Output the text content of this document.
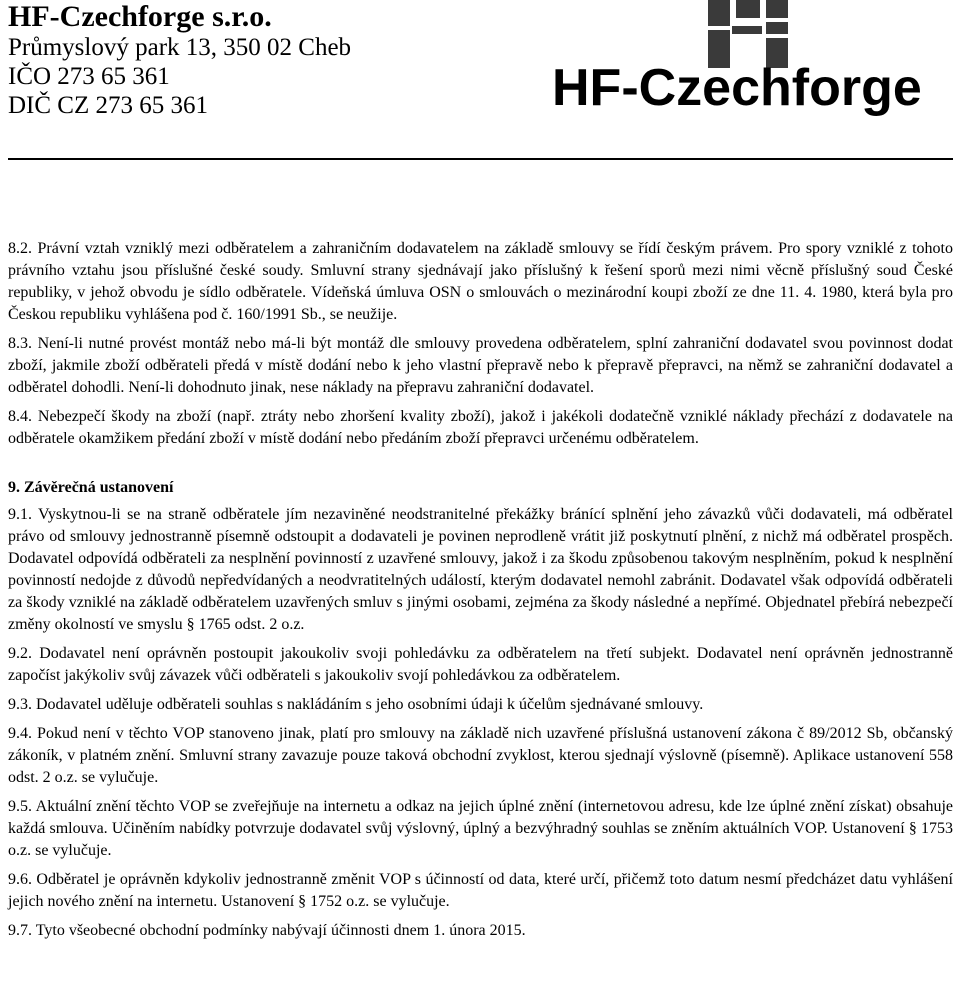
HF-Czechforge s.r.o.

Průmyslový park 13, 350 02 Cheb

IČO 273 65 361

DIČ CZ 273 65 361	HF-Czechforge

8.2. Právní vztah vzniklý mezi odběratelem a zahraničním dodavatelem na základě smlouvy se řídí českým právem. Pro spory vzniklé z tohoto právního vztahu jsou příslušné české soudy. Smluvní strany sjednávají jako příslušný k řešení sporů mezi nimi věcně příslušný soud České republiky, v jehož obvodu je sídlo odběratele. Vídeňská úmluva OSN o smlouvách o mezinárodní koupi zboží ze dne 11. 4. 1980, která byla pro Českou republiku vyhlášena pod č. 160/1991 Sb., se neužije.

8.3. Není-li nutné provést montáž nebo má-li být montáž dle smlouvy provedena odběratelem, splní zahraniční dodavatel svou povinnost dodat zboží, jakmile zboží odběrateli předá v místě dodání nebo k jeho vlastní přepravě nebo k přepravě přepravci, na němž se zahraniční dodavatel a odběratel dohodli. Není-li dohodnuto jinak, nese náklady na přepravu zahraniční dodavatel.

8.4. Nebezpečí škody na zboží (např. ztráty nebo zhoršení kvality zboží), jakož i jakékoli dodatečně vzniklé náklady přechází z dodavatele na odběratele okamžikem předání zboží v místě dodání nebo předáním zboží přepravci určenému odběratelem.

9. Závěrečná ustanovení

9.1. Vyskytnou-li se na straně odběratele jím nezaviněné neodstranitelné překážky bránící splnění jeho závazků vůči dodavateli, má odběratel právo od smlouvy jednostranně písemně odstoupit a dodavateli je povinen neprodleně vrátit již poskytnutí plnění, z nichž má odběratel prospěch. Dodavatel odpovídá odběrateli za nesplnění povinností z uzavřené smlouvy, jakož i za škodu způsobenou takovým nesplněním, pokud k nesplnění povinností nedojde z důvodů nepředvídaných a neodvratitelných událostí, kterým dodavatel nemohl zabránit. Dodavatel však odpovídá odběrateli za škody vzniklé na základě odběratelem uzavřených smluv s jinými osobami, zejména za škody následné a nepřímé. Objednatel přebírá nebezpečí změny okolností ve smyslu § 1765 odst. 2 o.z.

9.2. Dodavatel není oprávněn postoupit jakoukoliv svoji pohledávku za odběratelem na třetí subjekt. Dodavatel není oprávněn jednostranně započíst jakýkoliv svůj závazek vůči odběrateli s jakoukoliv svojí pohledávkou za odběratelem.

9.3. Dodavatel uděluje odběrateli souhlas s nakládáním s jeho osobními údaji k účelům sjednávané smlouvy.

9.4. Pokud není v těchto VOP stanoveno jinak, platí pro smlouvy na základě nich uzavřené příslušná ustanovení zákona č 89/2012 Sb, občanský zákoník, v platném znění. Smluvní strany zavazuje pouze taková obchodní zvyklost, kterou sjednají výslovně (písemně). Aplikace ustanovení 558 odst. 2 o.z. se vylučuje.

9.5. Aktuální znění těchto VOP se zveřejňuje na internetu a odkaz na jejich úplné znění (internetovou adresu, kde lze úplné znění získat) obsahuje každá smlouva. Učiněním nabídky potvrzuje dodavatel svůj výslovný, úplný a bezvýhradný souhlas se zněním aktuálních VOP. Ustanovení § 1753 o.z. se vylučuje.

9.6. Odběratel je oprávněn kdykoliv jednostranně změnit VOP s účinností od data, které určí, přičemž toto datum nesmí předcházet datu vyhlášení jejich nového znění na internetu. Ustanovení § 1752 o.z. se vylučuje.

9.7. Tyto všeobecné obchodní podmínky nabývají účinnosti dnem 1. února 2015.
